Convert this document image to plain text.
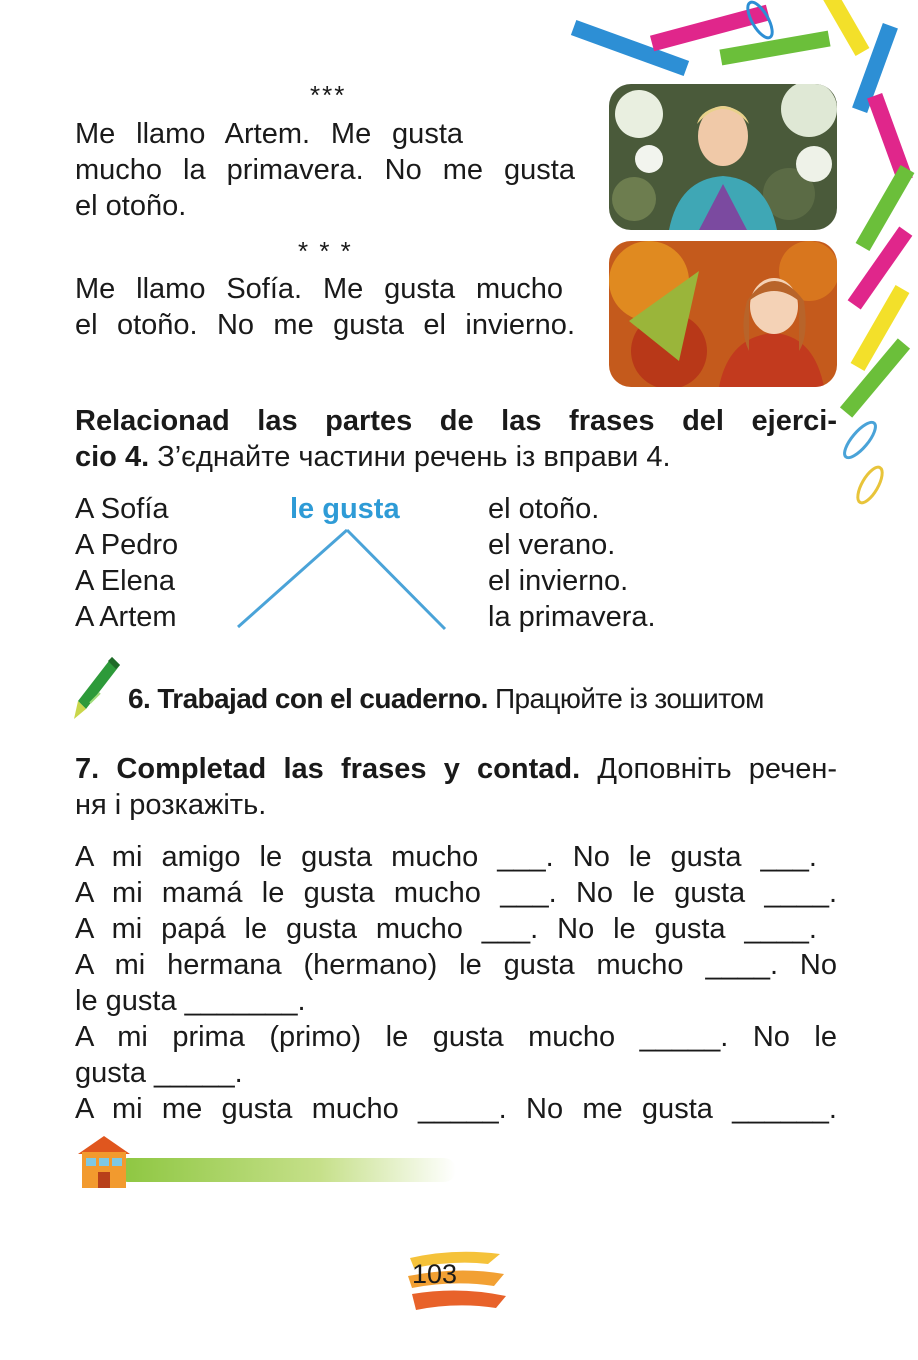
***
Me llamo Artem. Me gusta
mucho la primavera. No me gusta
el otoño.
* * *
Me llamo Sofía. Me gusta mucho
el otoño. No me gusta el invierno.
Relacionad las partes de las frases del ejerci-
cio 4. З’єднайте частини речень із вправи 4.
A Sofía
A Pedro
A Elena
A Artem
le gusta	el otoño.
el verano.
el invierno.
la primavera.
6. Trabajad con el cuaderno. Працюйте із зошитом
7. Completad las frases y contad. Доповніть речен-
ня і розкажіть.
A mi amigo le gusta mucho ___. No le gusta ___.
A mi mamá le gusta mucho ___. No le gusta ____.
A mi papá le gusta mucho ___. No le gusta ____.
A mi hermana (hermano) le gusta mucho ____. No
le gusta _______.
A mi prima (primo) le gusta mucho _____. No le
gusta _____.
A mi me gusta mucho _____. No me gusta ______.
103
